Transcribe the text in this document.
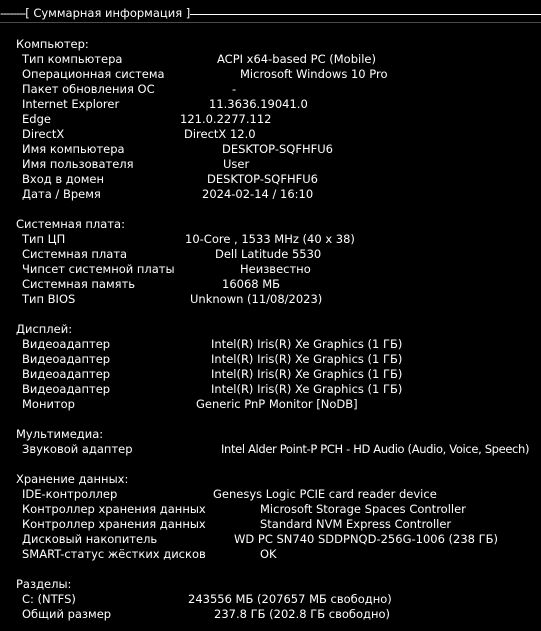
-------- [ Суммарная информация ]
Компьютер:
Тип компьютера	ACPI x64-based PC (Mobile)
Операционная система	Microsoft Windows 10 Pro
Пакет обновления ОС	-
Internet Explorer	11.3636.19041.0
Edge	121.0.2277.112
DirectX	DirectX 12.0
Имя компьютера	DESKTOP-SQFHFU6
Имя пользователя	User
Вход в домен	DESKTOP-SQFHFU6
Дата / Время	2024-02-14 / 16:10
Системная плата:
Тип ЦП	10-Core , 1533 MHz (40 x 38)
Системная плата	Dell Latitude 5530
Чипсет системной платы	Неизвестно
Системная память	16068 МБ
Тип BIOS	Unknown (11/08/2023)
Дисплей:
Видеоадаптер	Intel(R) Iris(R) Xe Graphics (1 ГБ)
Видеоадаптер	Intel(R) Iris(R) Xe Graphics (1 ГБ)
Видеоадаптер	Intel(R) Iris(R) Xe Graphics (1 ГБ)
Видеоадаптер	Intel(R) Iris(R) Xe Graphics (1 ГБ)
Монитор	Generic PnP Monitor [NoDB]
Мультимедиа:
Звуковой адаптер	Intel Alder Point-P PCH - HD Audio (Audio, Voice, Speech)
Хранение данных:
IDE-контроллер	Genesys Logic PCIE card reader device
Контроллер хранения данных	Microsoft Storage Spaces Controller
Контроллер хранения данных	Standard NVM Express Controller
Дисковый накопитель	WD PC SN740 SDDPNQD-256G-1006 (238 ГБ)
SMART-статус жёстких дисков	OK
Разделы:
C: (NTFS)	243556 МБ (207657 МБ свободно)
Общий размер	237.8 ГБ (202.8 ГБ свободно)
